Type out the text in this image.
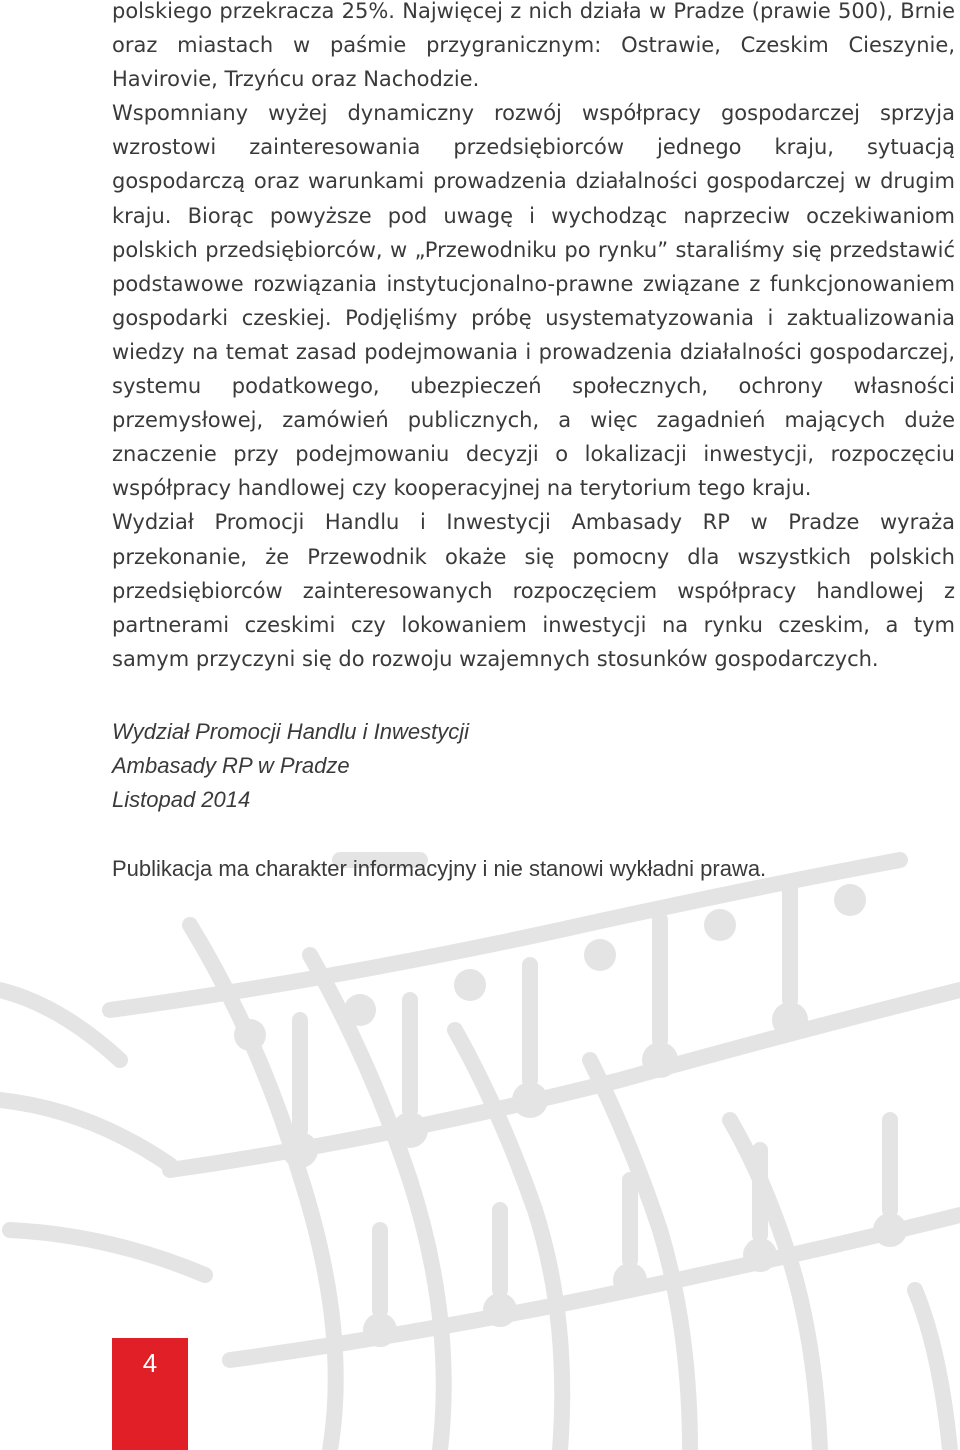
polskiego przekracza 25%. Najwięcej z nich działa w Pradze (prawie 500), Brnie oraz miastach w paśmie przygranicznym: Ostrawie, Czeskim Cieszynie, Havirovie, Trzyńcu oraz Nachodzie.

Wspomniany wyżej dynamiczny rozwój współpracy gospodarczej sprzyja wzrostowi zainteresowania przedsiębiorców jednego kraju, sytuacją gospodarczą oraz warunkami prowadzenia działalności gospodarczej w drugim kraju. Biorąc powyższe pod uwagę i wychodząc naprzeciw oczekiwaniom polskich przedsiębiorców, w „Przewodniku po rynku” staraliśmy się przedstawić podstawowe rozwiązania instytucjonalno-prawne związane z funkcjonowaniem gospodarki czeskiej. Podjęliśmy próbę usystematyzowania i zaktualizowania wiedzy na temat zasad podejmowania i prowadzenia działalności gospodarczej, systemu podatkowego, ubezpieczeń społecznych, ochrony własności przemysłowej, zamówień publicznych, a więc zagadnień mających duże znaczenie przy podejmowaniu decyzji o lokalizacji inwestycji, rozpoczęciu współpracy handlowej czy kooperacyjnej na terytorium tego kraju.

Wydział Promocji Handlu i Inwestycji Ambasady RP w Pradze wyraża przekonanie, że Przewodnik okaże się pomocny dla wszystkich polskich przedsiębiorców zainteresowanych rozpoczęciem współpracy handlowej z partnerami czeskimi czy lokowaniem inwestycji na rynku czeskim, a tym samym przyczyni się do rozwoju wzajemnych stosunków gospodarczych.

Wydział Promocji Handlu i Inwestycji
Ambasady RP w Pradze
Listopad 2014
Publikacja ma charakter informacyjny i nie stanowi wykładni prawa.
4
